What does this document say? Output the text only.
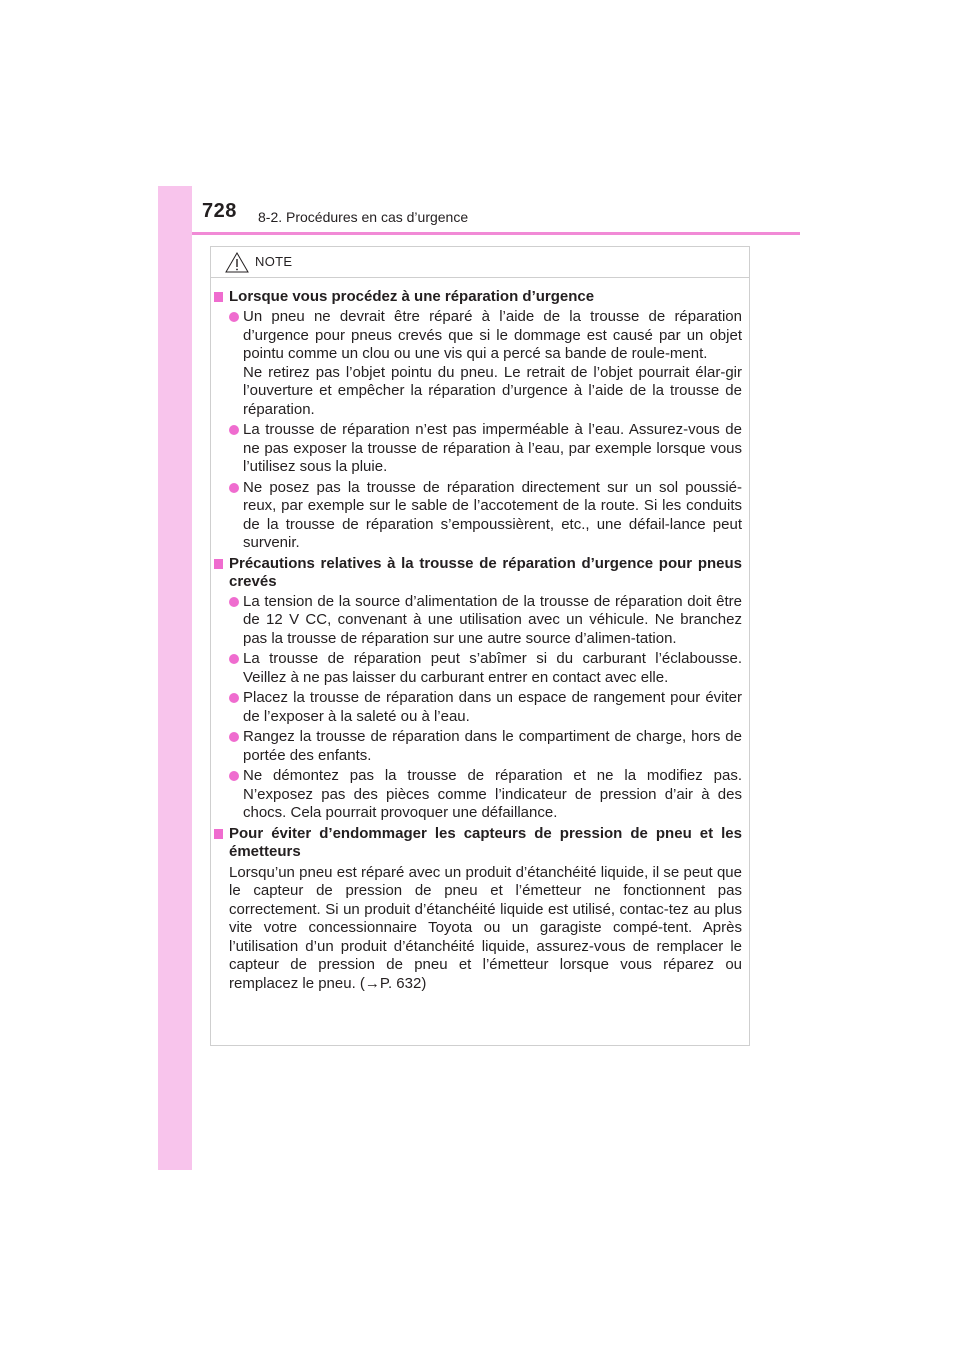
728 8-2. Procédures en cas d’urgence
NOTE
Lorsque vous procédez à une réparation d’urgence
Un pneu ne devrait être réparé à l’aide de la trousse de réparation d’urgence pour pneus crevés que si le dommage est causé par un objet pointu comme un clou ou une vis qui a percé sa bande de roule-ment.
Ne retirez pas l’objet pointu du pneu. Le retrait de l’objet pourrait élar-gir l’ouverture et empêcher la réparation d’urgence à l’aide de la trousse de réparation.
La trousse de réparation n’est pas imperméable à l’eau. Assurez-vous de ne pas exposer la trousse de réparation à l’eau, par exemple lorsque vous l’utilisez sous la pluie.
Ne posez pas la trousse de réparation directement sur un sol poussié-reux, par exemple sur le sable de l’accotement de la route. Si les conduits de la trousse de réparation s’empoussièrent, etc., une défail-lance peut survenir.
Précautions relatives à la trousse de réparation d’urgence pour pneus crevés
La tension de la source d’alimentation de la trousse de réparation doit être de 12 V CC, convenant à une utilisation avec un véhicule. Ne branchez pas la trousse de réparation sur une autre source d’alimen-tation.
La trousse de réparation peut s’abîmer si du carburant l’éclabousse. Veillez à ne pas laisser du carburant entrer en contact avec elle.
Placez la trousse de réparation dans un espace de rangement pour éviter de l’exposer à la saleté ou à l’eau.
Rangez la trousse de réparation dans le compartiment de charge, hors de portée des enfants.
Ne démontez pas la trousse de réparation et ne la modifiez pas. N’exposez pas des pièces comme l’indicateur de pression d’air à des chocs. Cela pourrait provoquer une défaillance.
Pour éviter d’endommager les capteurs de pression de pneu et les émetteurs
Lorsqu’un pneu est réparé avec un produit d’étanchéité liquide, il se peut que le capteur de pression de pneu et l’émetteur ne fonctionnent pas correctement. Si un produit d’étanchéité liquide est utilisé, contac-tez au plus vite votre concessionnaire Toyota ou un garagiste compé-tent. Après l’utilisation d’un produit d’étanchéité liquide, assurez-vous de remplacer le capteur de pression de pneu et l’émetteur lorsque vous réparez ou remplacez le pneu. (→P. 632)
